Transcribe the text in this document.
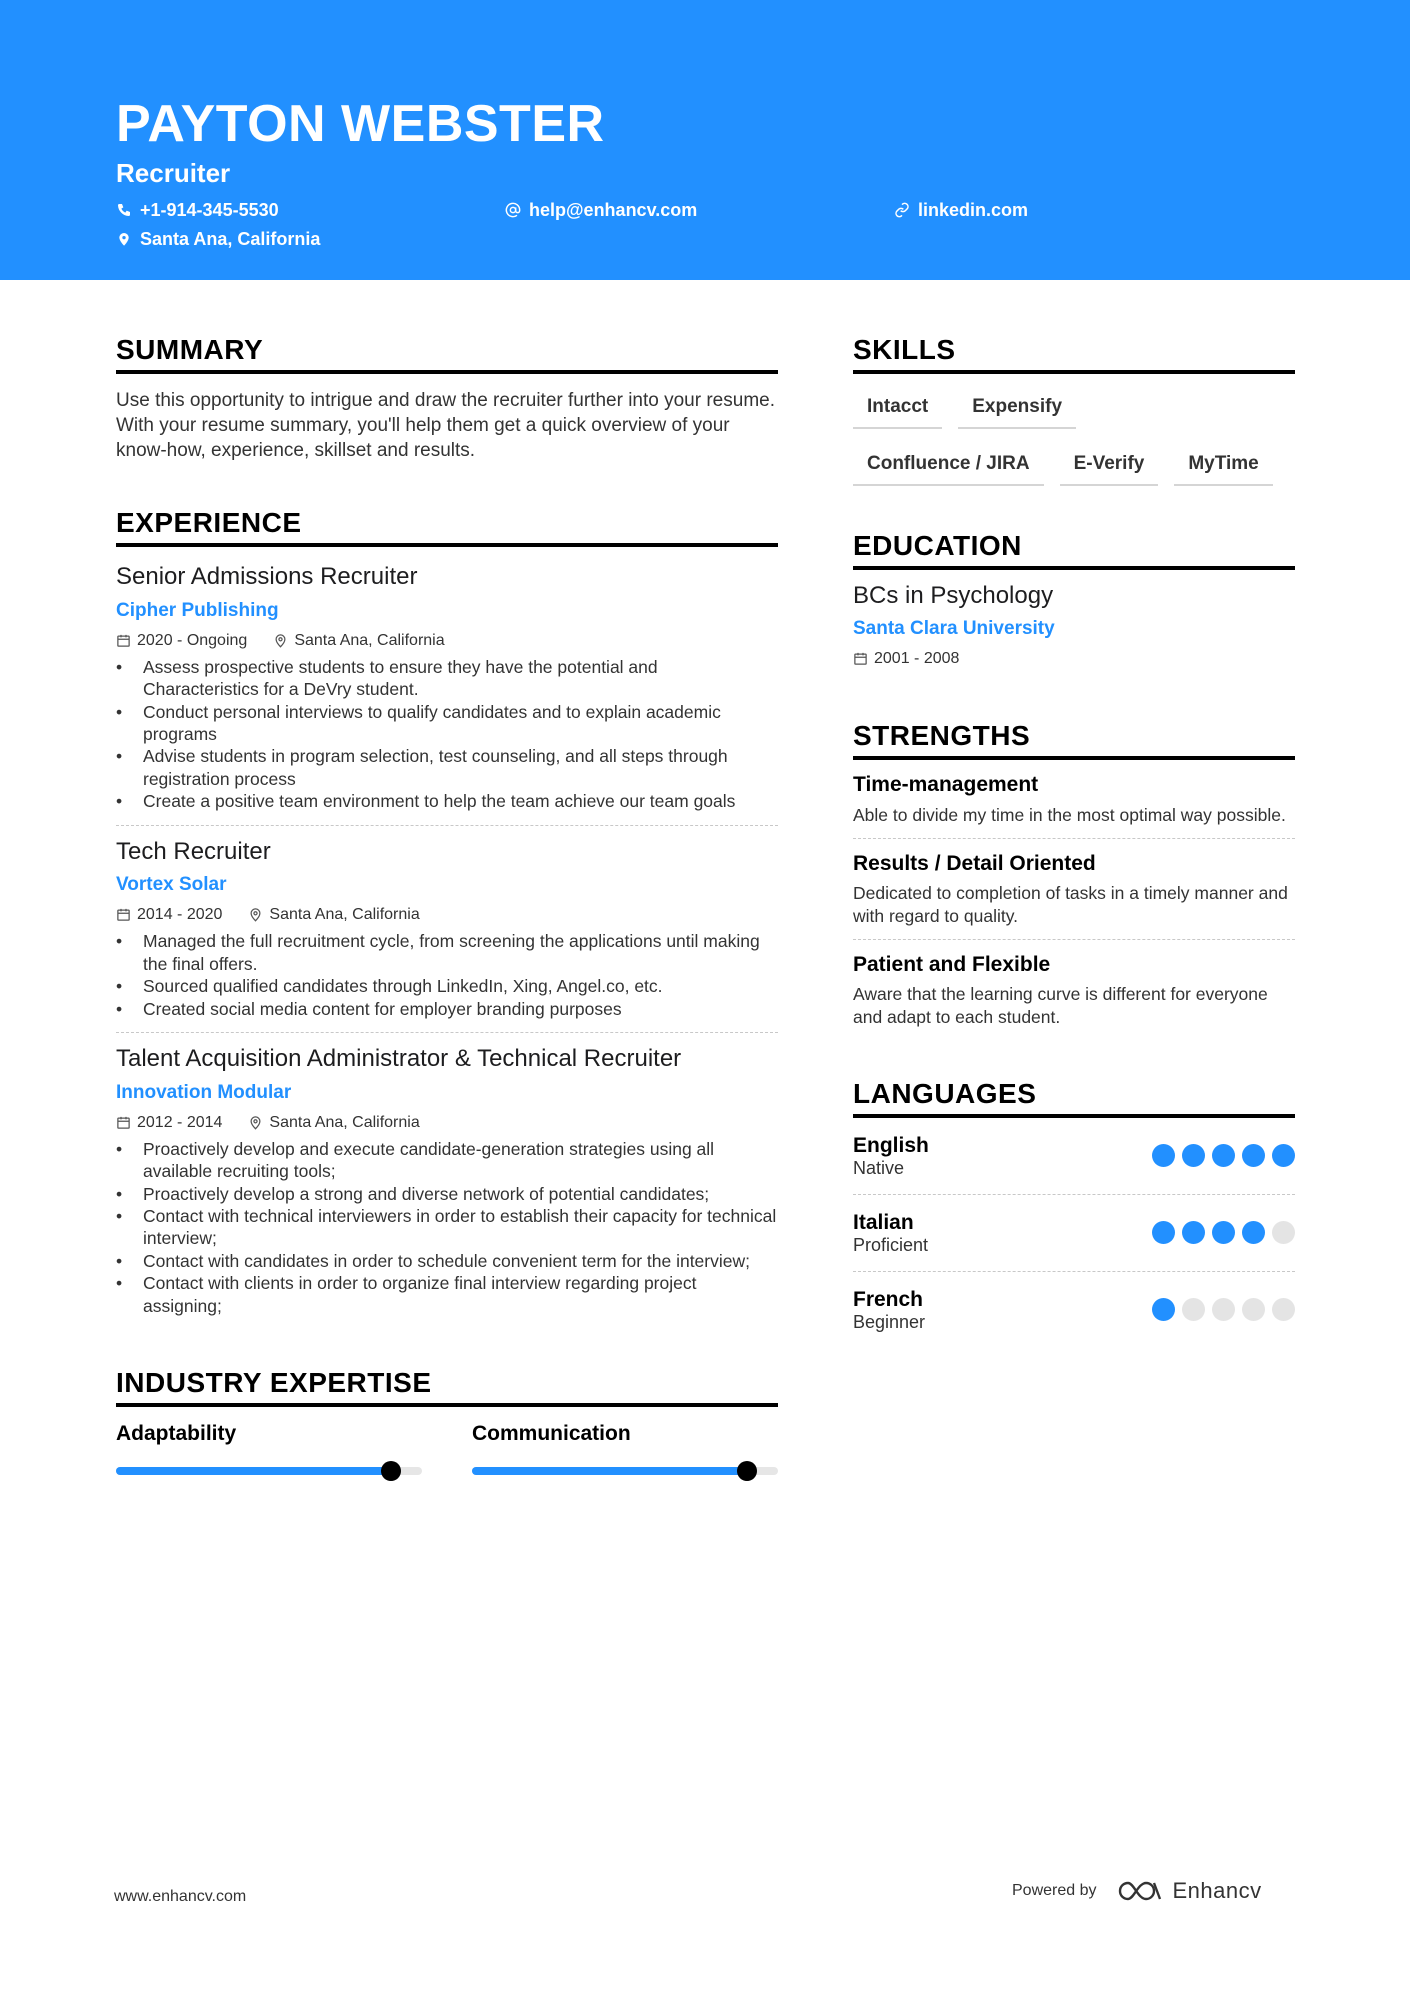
PAYTON WEBSTER
Recruiter
+1-914-345-5530	help@enhancv.com	linkedin.com
Santa Ana, California
SUMMARY

Use this opportunity to intrigue and draw the recruiter further into your resume. With your resume summary, you'll help them get a quick overview of your know-how, experience, skillset and results.

EXPERIENCE
Senior Admissions Recruiter
Cipher Publishing
2020 - Ongoing	Santa Ana, California
• Assess prospective students to ensure they have the potential and Characteristics for a DeVry student.
• Conduct personal interviews to qualify candidates and to explain academic programs
• Advise students in program selection, test counseling, and all steps through registration process
• Create a positive team environment to help the team achieve our team goals
Tech Recruiter
Vortex Solar
2014 - 2020	Santa Ana, California
• Managed the full recruitment cycle, from screening the applications until making the final offers.
• Sourced qualified candidates through LinkedIn, Xing, Angel.co, etc.
• Created social media content for employer branding purposes
Talent Acquisition Administrator & Technical Recruiter
Innovation Modular
2012 - 2014	Santa Ana, California
• Proactively develop and execute candidate-generation strategies using all available recruiting tools;
• Proactively develop a strong and diverse network of potential candidates;
• Contact with technical interviewers in order to establish their capacity for technical interview;
• Contact with candidates in order to schedule convenient term for the interview;
• Contact with clients in order to organize final interview regarding project assigning;
INDUSTRY EXPERTISE
Adaptability	Communication
SKILLS
Intacct	Expensify
Confluence / JIRA	E-Verify	MyTime
EDUCATION
BCs in Psychology
Santa Clara University
2001 - 2008
STRENGTHS
Time-management
Able to divide my time in the most optimal way possible.
Results / Detail Oriented
Dedicated to completion of tasks in a timely manner and with regard to quality.
Patient and Flexible
Aware that the learning curve is different for everyone and adapt to each student.
LANGUAGES
English
Native
Italian
Proficient
French
Beginner
www.enhancv.com	Powered by	Enhancv
